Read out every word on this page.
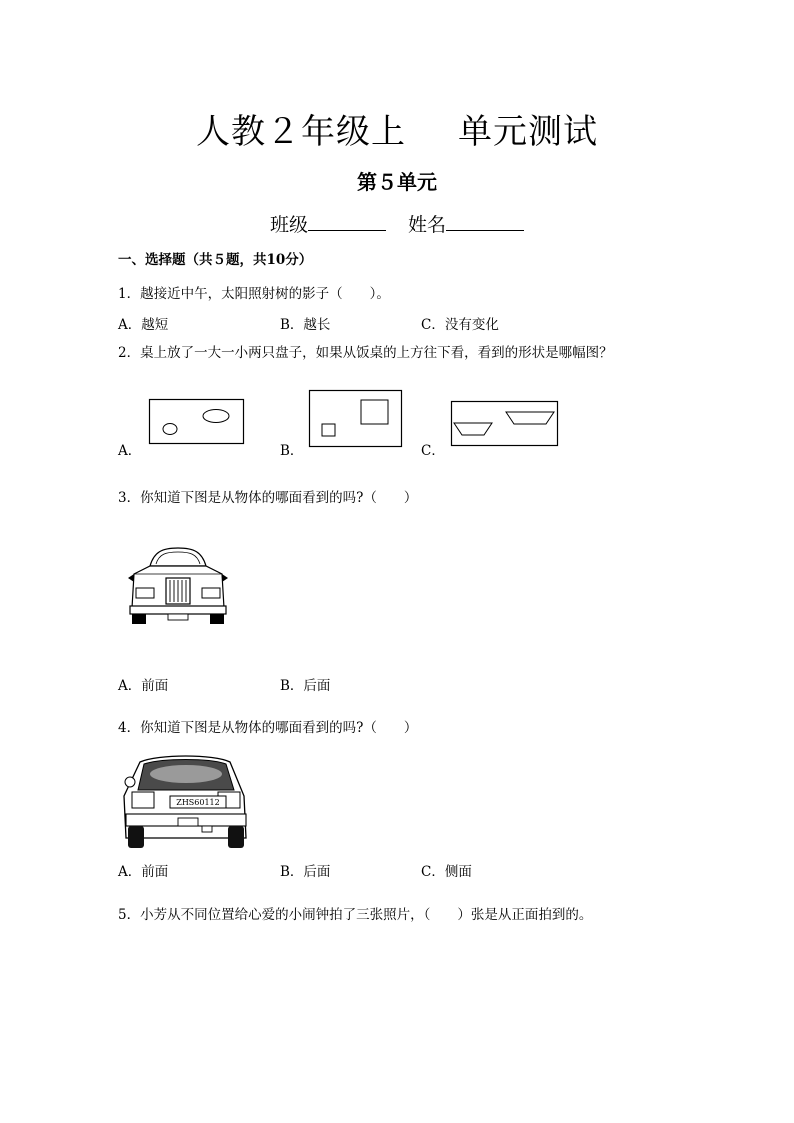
人教２年级上 单元测试
第５单元
班级	姓名
一、选择题（共５题，共10分）
1．越接近中午，太阳照射树的影子（　　）。
A．越短	B．越长	C．没有变化
2．桌上放了一大一小两只盘子，如果从饭桌的上方往下看，看到的形状是哪幅图？
A．	B．	C．
3．你知道下图是从物体的哪面看到的吗?（　　）
A．前面	B．后面
4．你知道下图是从物体的哪面看到的吗?（　　）
ZHS60112
A．前面	B．后面	C．侧面
5．小芳从不同位置给心爱的小闹钟拍了三张照片，（　　）张是从正面拍到的。
